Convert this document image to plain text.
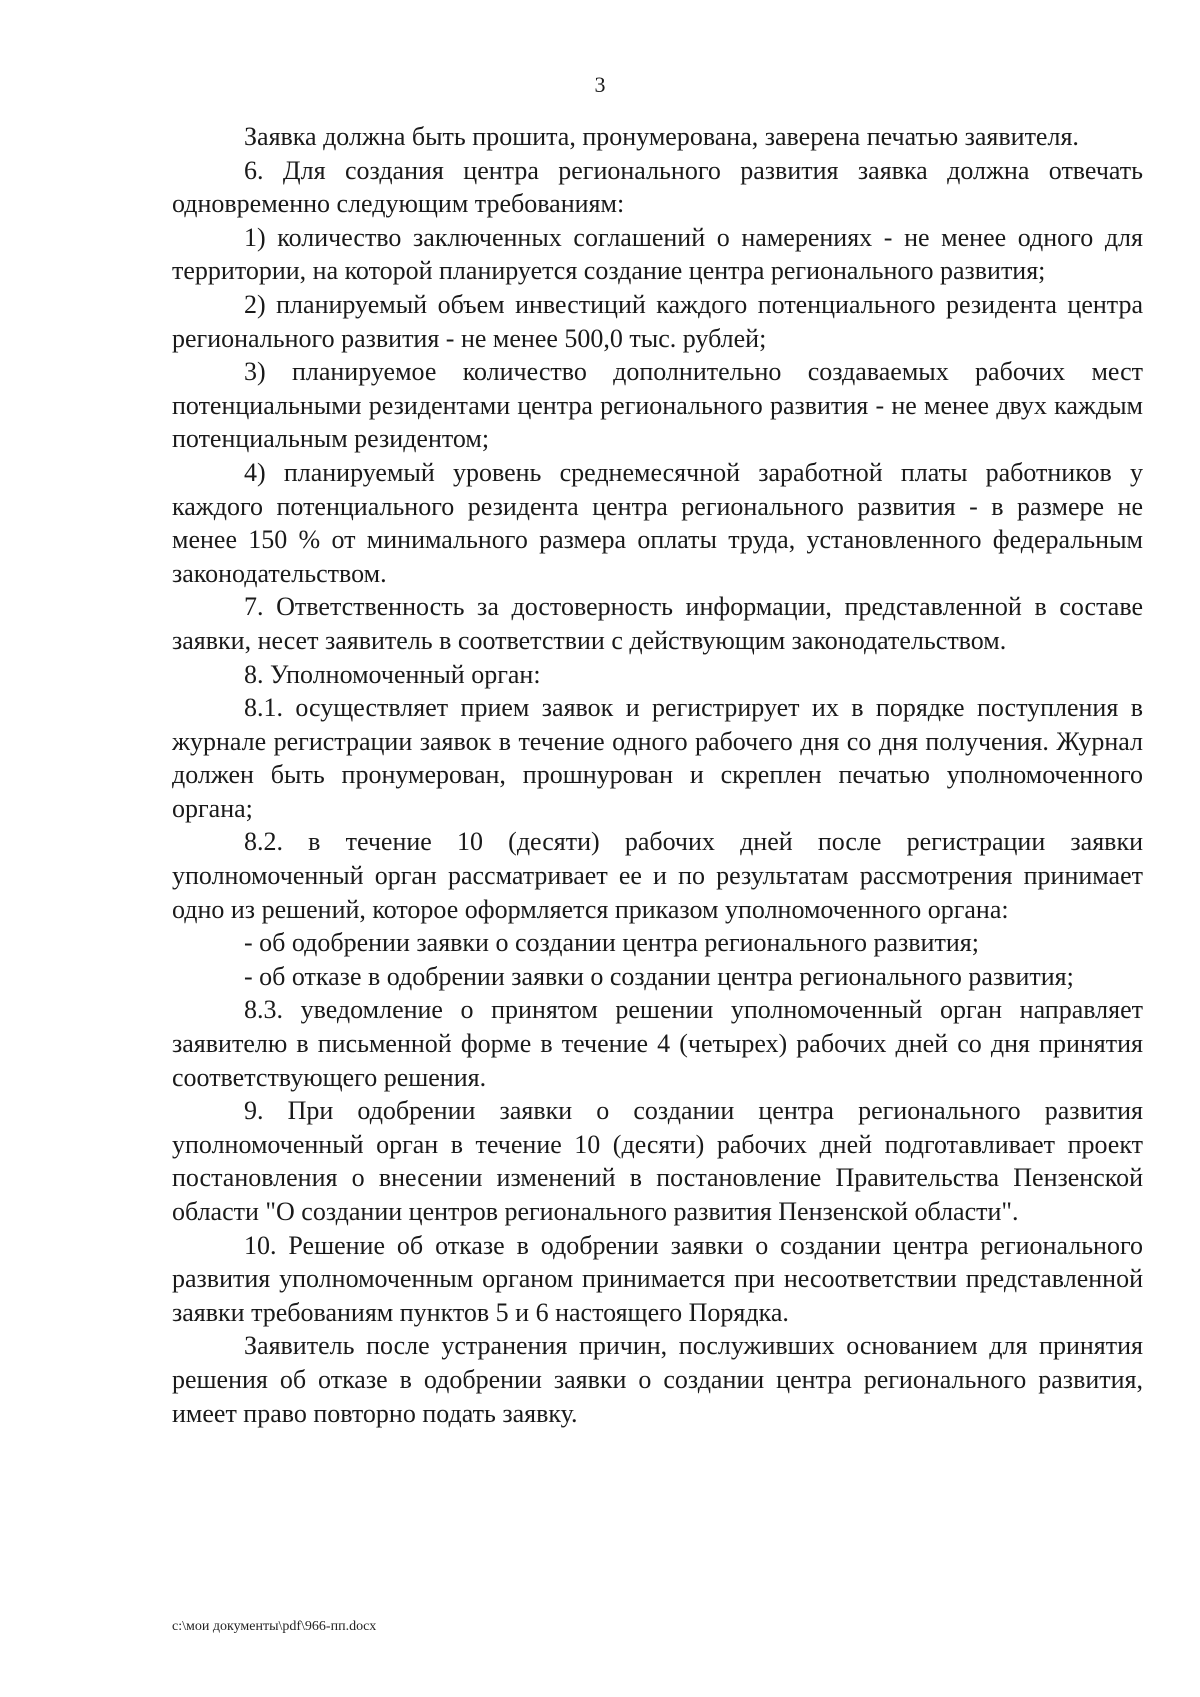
3

Заявка должна быть прошита, пронумерована, заверена печатью заявителя.

6. Для создания центра регионального развития заявка должна отвечать одновременно следующим требованиям:

1) количество заключенных соглашений о намерениях - не менее одного для территории, на которой планируется создание центра регионального развития;

2) планируемый объем инвестиций каждого потенциального резидента центра регионального развития - не менее 500,0 тыс. рублей;

3) планируемое количество дополнительно создаваемых рабочих мест потенциальными резидентами центра регионального развития - не менее двух каждым потенциальным резидентом;

4) планируемый уровень среднемесячной заработной платы работников у каждого потенциального резидента центра регионального развития - в размере не менее 150 % от минимального размера оплаты труда, установленного федеральным законодательством.

7. Ответственность за достоверность информации, представленной в составе заявки, несет заявитель в соответствии с действующим законодательством.

8. Уполномоченный орган:

8.1. осуществляет прием заявок и регистрирует их в порядке поступления в журнале регистрации заявок в течение одного рабочего дня со дня получения. Журнал должен быть пронумерован, прошнурован и скреплен печатью уполномоченного органа;

8.2. в течение 10 (десяти) рабочих дней после регистрации заявки уполномоченный орган рассматривает ее и по результатам рассмотрения принимает одно из решений, которое оформляется приказом уполномоченного органа:

- об одобрении заявки о создании центра регионального развития;

- об отказе в одобрении заявки о создании центра регионального развития;

8.3. уведомление о принятом решении уполномоченный орган направляет заявителю в письменной форме в течение 4 (четырех) рабочих дней со дня принятия соответствующего решения.

9. При одобрении заявки о создании центра регионального развития уполномоченный орган в течение 10 (десяти) рабочих дней подготавливает проект постановления о внесении изменений в постановление Правительства Пензенской области "О создании центров регионального развития Пензенской области".

10. Решение об отказе в одобрении заявки о создании центра регионального развития уполномоченным органом принимается при несоответствии представленной заявки требованиям пунктов 5 и 6 настоящего Порядка.

Заявитель после устранения причин, послуживших основанием для принятия решения об отказе в одобрении заявки о создании центра регионального развития, имеет право повторно подать заявку.

c:\мои документы\pdf\966-пп.docx
